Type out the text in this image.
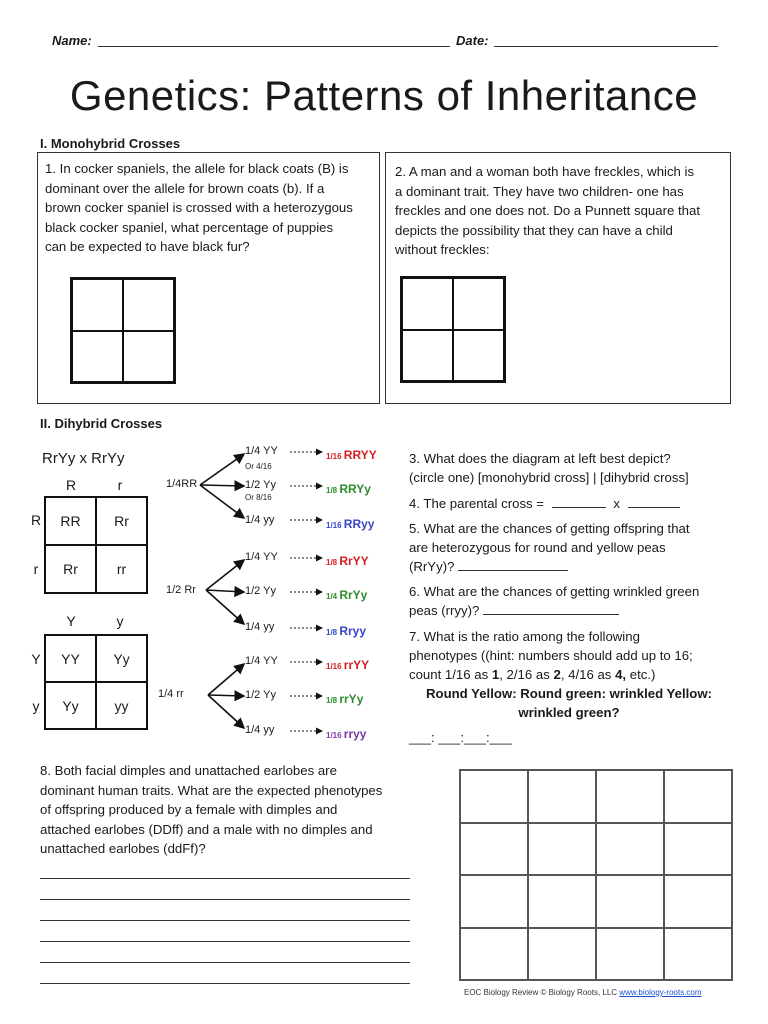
Name:	Date:
Genetics: Patterns of Inheritance
I. Monohybrid Crosses
1. In cocker spaniels, the allele for black coats (B) is
dominant over the allele for brown coats (b). If a
brown cocker spaniel is crossed with a heterozygous
black cocker spaniel, what percentage of puppies
can be expected to have black fur?
2. A man and a woman both have freckles, which is
a dominant trait. They have two children- one has
freckles and one does not. Do a Punnett square that
depicts the possibility that they can have a child
without freckles:
II. Dihybrid Crosses
RrYy x RrYy
R	r
R
r
RR	Rr
Rr	rr
Y	y
Y
y
YY	Yy
Yy	yy
1/4RR
1/2 Rr
1/4 rr
1/4 YY
Or 4/16
1/2 Yy
Or 8/16
1/4 yy
1/4 YY
1/2 Yy
1/4 yy
1/4 YY
1/2 Yy
1/4 yy
1/16 RRYY
1/8 RRYy
1/16 RRyy
1/8 RrYY
1/4 RrYy
1/8 Rryy
1/16 rrYY
1/8 rrYy
1/16 rryy
3. What does the diagram at left best depict?
(circle one) [monohybrid cross] | [dihybrid cross]
4. The parental cross =	x
5. What are the chances of getting offspring that
are heterozygous for round and yellow peas
(RrYy)?
6. What are the chances of getting wrinkled green
peas (rryy)?
7. What is the ratio among the following
phenotypes ((hint: numbers should add up to 16;
count 1/16 as 1, 2/16 as 2, 4/16 as 4, etc.)
Round Yellow: Round green: wrinkled Yellow:
wrinkled green?
___: ___:___:___
8. Both facial dimples and unattached earlobes are
dominant human traits. What are the expected phenotypes
of offspring produced by a female with dimples and
attached earlobes (DDff) and a male with no dimples and
unattached earlobes (ddFf)?
EOC Biology Review © Biology Roots, LLC www.biology-roots.com
